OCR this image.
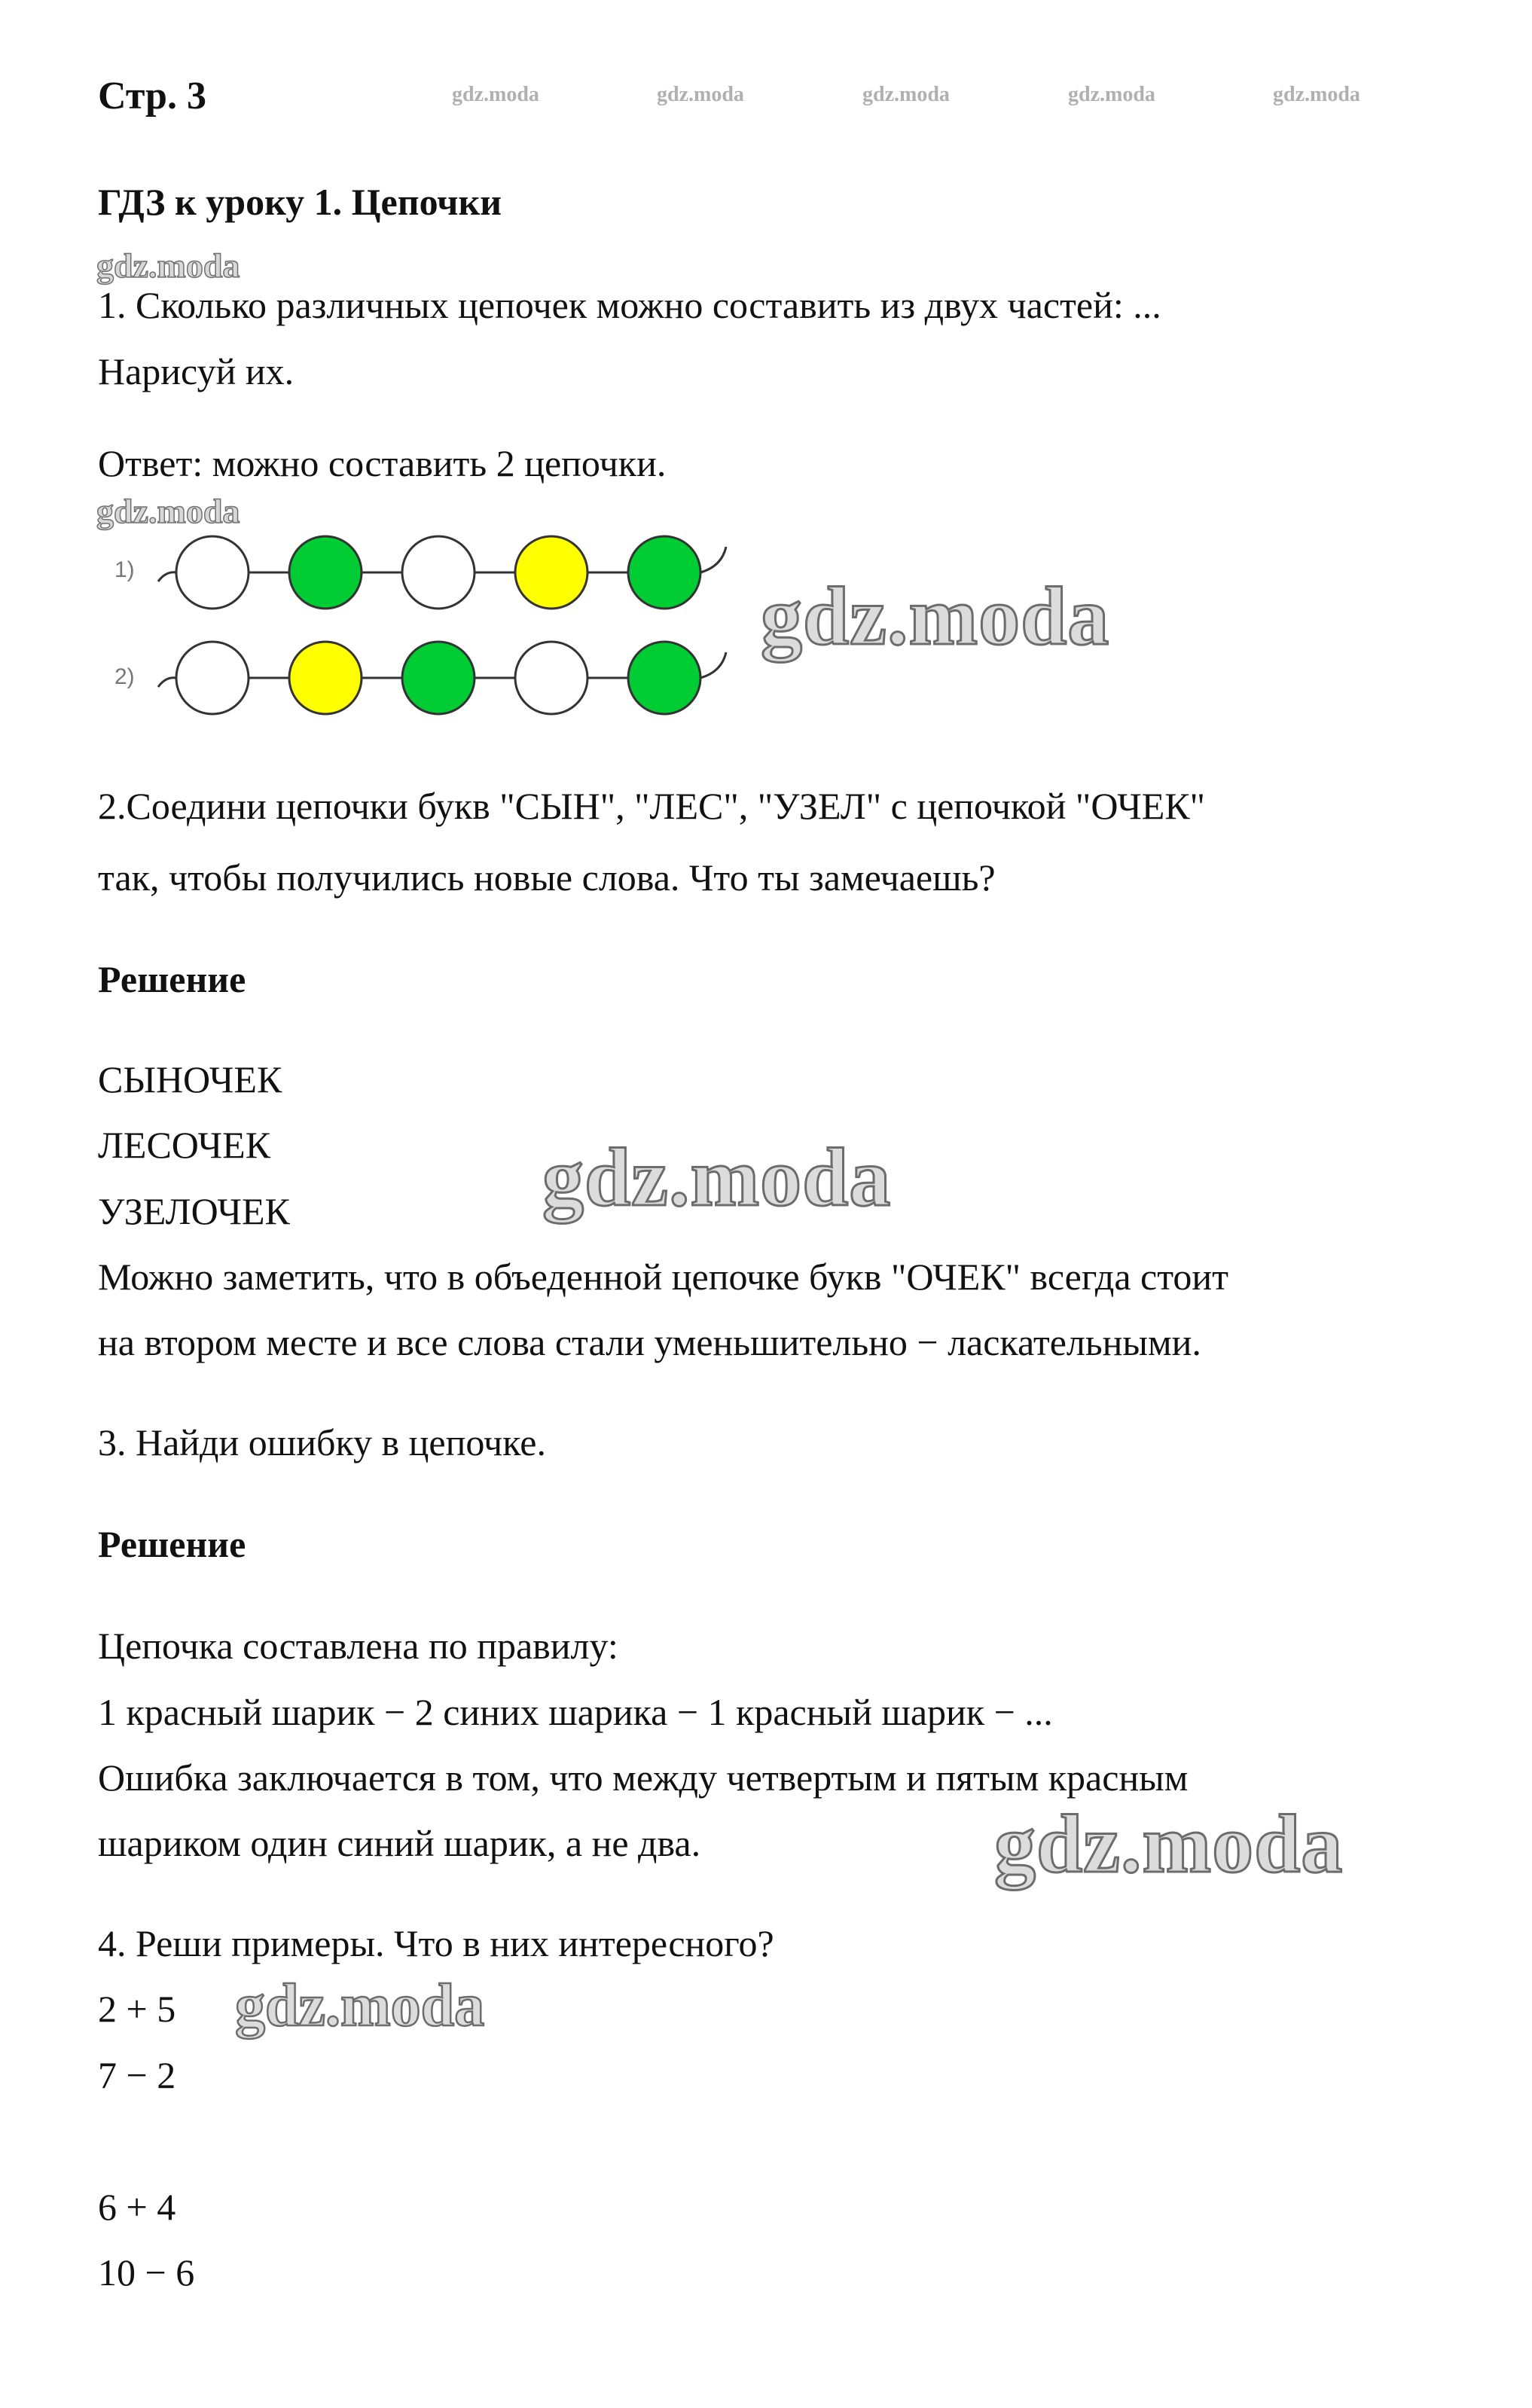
Стр. 3	gdz.moda	gdz.moda	gdz.moda	gdz.moda	gdz.moda
ГДЗ к уроку 1. Цепочки
gdz.moda
1. Сколько различных цепочек можно составить из двух частей: ...
Нарисуй их.
Ответ: можно составить 2 цепочки.
gdz.moda
1)
2)
gdz.moda
2.Соедини цепочки букв "СЫН", "ЛЕС", "УЗЕЛ" с цепочкой "ОЧЕК"
так, чтобы получились новые слова. Что ты замечаешь?
Решение
СЫНОЧЕК
ЛЕСОЧЕК
УЗЕЛОЧЕК	gdz.moda
Можно заметить, что в объеденной цепочке букв "ОЧЕК" всегда стоит
на втором месте и все слова стали уменьшительно − ласкательными.
3. Найди ошибку в цепочке.
Решение
Цепочка составлена по правилу:
1 красный шарик − 2 синих шарика − 1 красный шарик − ...
Ошибка заключается в том, что между четвертым и пятым красным
шариком один синий шарик, а не два.	gdz.moda
4. Реши примеры. Что в них интересного?
2 + 5 gdz.moda
7 − 2
6 + 4
10 − 6
